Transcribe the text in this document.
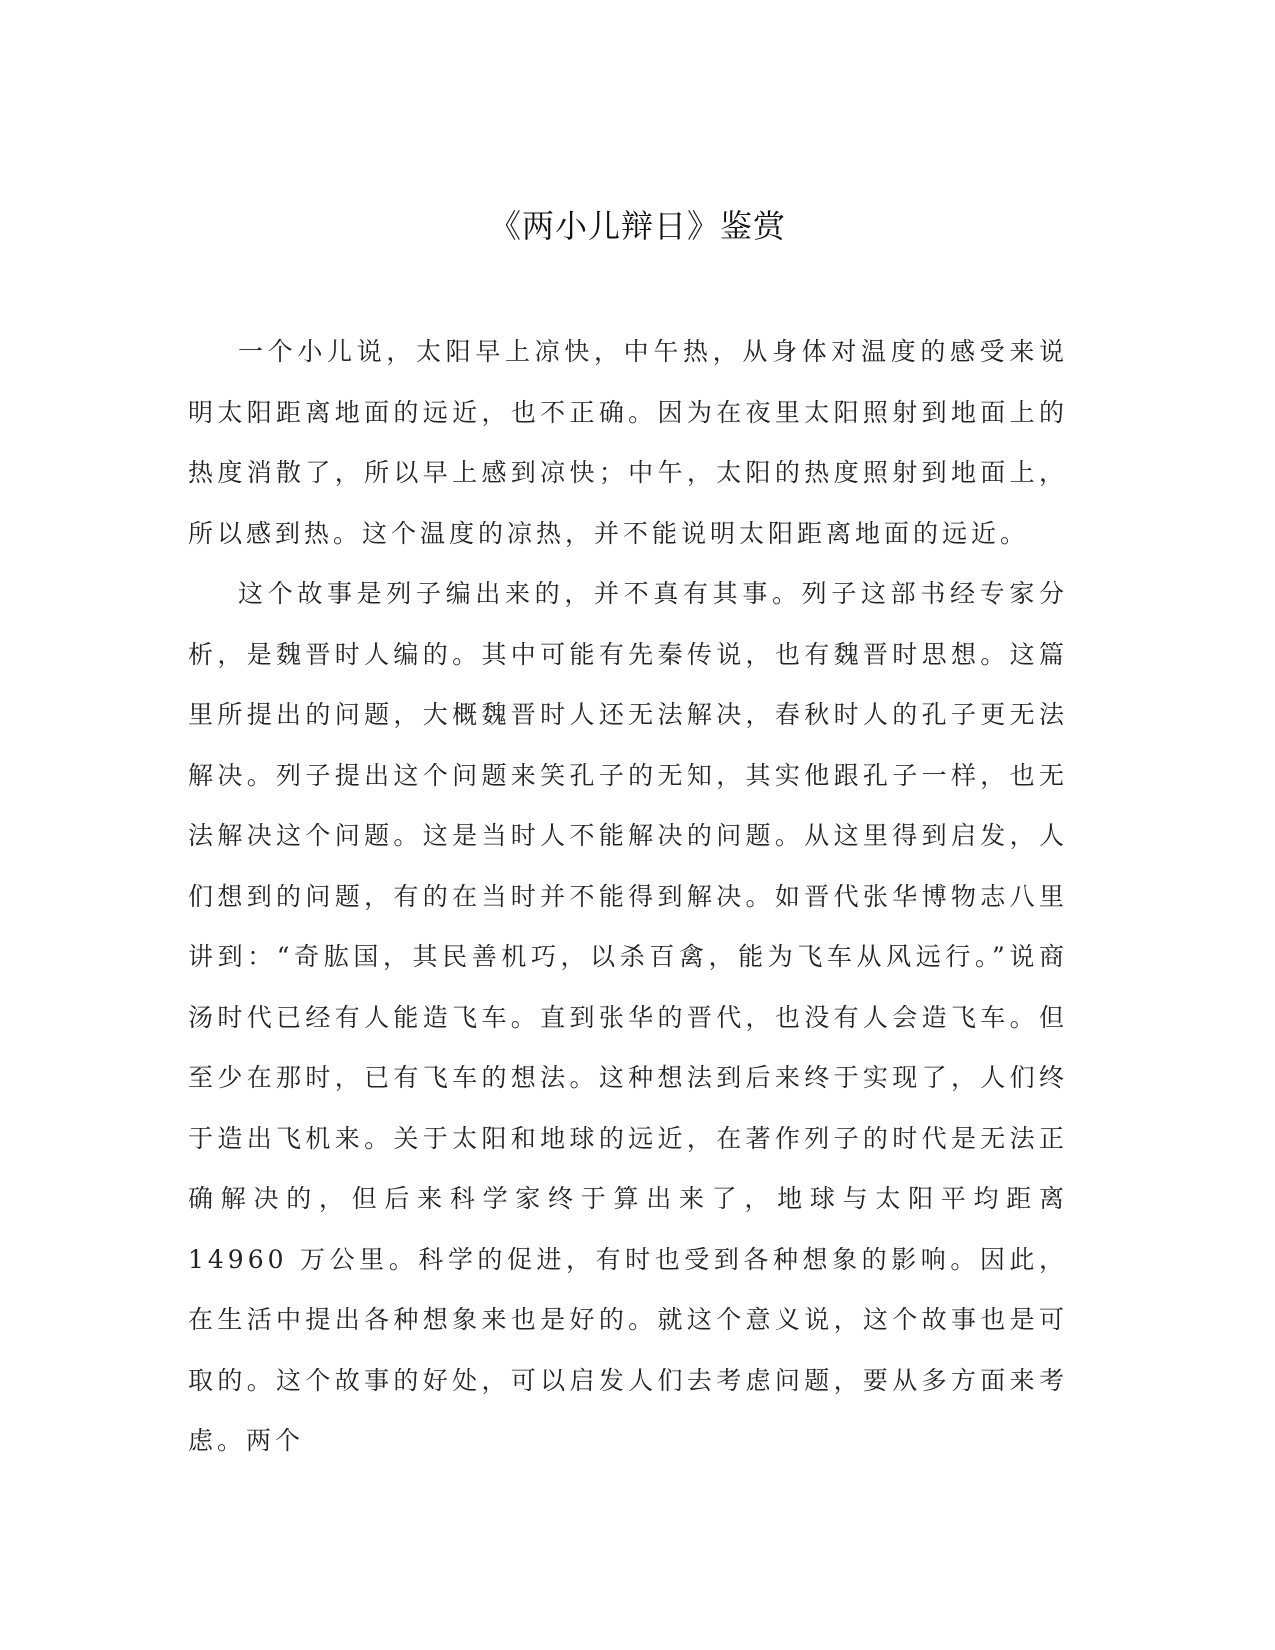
《两小儿辩日》鉴赏

一个小儿说，太阳早上凉快，中午热，从身体对温度的感受来说明太阳距离地面的远近，也不正确。因为在夜里太阳照射到地面上的热度消散了，所以早上感到凉快；中午，太阳的热度照射到地面上，所以感到热。这个温度的凉热，并不能说明太阳距离地面的远近。

这个故事是列子编出来的，并不真有其事。列子这部书经专家分析，是魏晋时人编的。其中可能有先秦传说，也有魏晋时思想。这篇里所提出的问题，大概魏晋时人还无法解决，春秋时人的孔子更无法解决。列子提出这个问题来笑孔子的无知，其实他跟孔子一样，也无法解决这个问题。这是当时人不能解决的问题。从这里得到启发，人们想到的问题，有的在当时并不能得到解决。如晋代张华博物志八里讲到：“奇肱国，其民善机巧，以杀百禽，能为飞车从风远行。”说商汤时代已经有人能造飞车。直到张华的晋代，也没有人会造飞车。但至少在那时，已有飞车的想法。这种想法到后来终于实现了，人们终于造出飞机来。关于太阳和地球的远近，在著作列子的时代是无法正确解决的，但后来科学家终于算出来了，地球与太阳平均距离 14960 万公里。科学的促进，有时也受到各种想象的影响。因此，在生活中提出各种想象来也是好的。就这个意义说，这个故事也是可取的。这个故事的好处，可以启发人们去考虑问题，要从多方面来考虑。两个
